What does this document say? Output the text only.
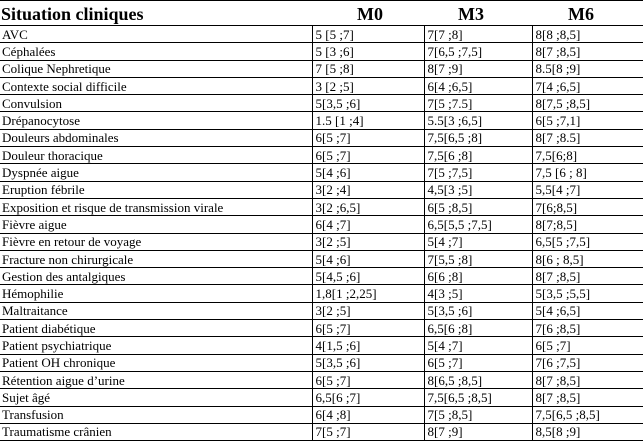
Situation cliniques	M0	M3	M6
AVC	5 [5 ;7]	7[7 ;8]	8[8 ;8,5]
Céphalées	5 [3 ;6]	7[6,5 ;7,5]	8[7 ;8,5]
Colique Nephretique	7 [5 ;8]	8[7 ;9]	8.5[8 ;9]
Contexte social difficile	3 [2 ;5]	6[4 ;6,5]	7[4 ;6,5]
Convulsion	5[3,5 ;6]	7[5 ;7.5]	8[7,5 ;8,5]
Drépanocytose	1.5 [1 ;4]	5.5[3 ;6,5]	6[5 ;7,1]
Douleurs abdominales	6[5 ;7]	7,5[6,5 ;8]	8[7 ;8.5]
Douleur thoracique	6[5 ;7]	7,5[6 ;8]	7,5[6;8]
Dyspnée aigue	5[4 ;6]	7[5 ;7,5]	7,5 [6 ; 8]
Eruption fébrile	3[2 ;4]	4,5[3 ;5]	5,5[4 ;7]
Exposition et risque de transmission virale	3[2 ;6,5]	6[5 ;8,5]	7[6;8,5]
Fièvre aigue	6[4 ;7]	6,5[5,5 ;7,5]	8[7;8,5]
Fièvre en retour de voyage	3[2 ;5]	5[4 ;7]	6,5[5 ;7,5]
Fracture non chirurgicale	5[4 ;6]	7[5,5 ;8]	8[6 ; 8,5]
Gestion des antalgiques	5[4,5 ;6]	6[6 ;8]	8[7 ;8,5]
Hémophilie	1,8[1 ;2,25]	4[3 ;5]	5[3,5 ;5,5]
Maltraitance	3[2 ;5]	5[3,5 ;6]	5[4 ;6,5]
Patient diabétique	6[5 ;7]	6,5[6 ;8]	7[6 ;8,5]
Patient psychiatrique	4[1,5 ;6]	5[4 ;7]	6[5 ;7]
Patient OH chronique	5[3,5 ;6]	6[5 ;7]	7[6 ;7,5]
Rétention aigue d’urine	6[5 ;7]	8[6,5 ;8,5]	8[7 ;8,5]
Sujet âgé	6,5[6 ;7]	7,5[6,5 ;8,5]	8[7 ;8,5]
Transfusion	6[4 ;8]	7[5 ;8,5]	7,5[6,5 ;8,5]
Traumatisme crânien	7[5 ;7]	8[7 ;9]	8,5[8 ;9]
